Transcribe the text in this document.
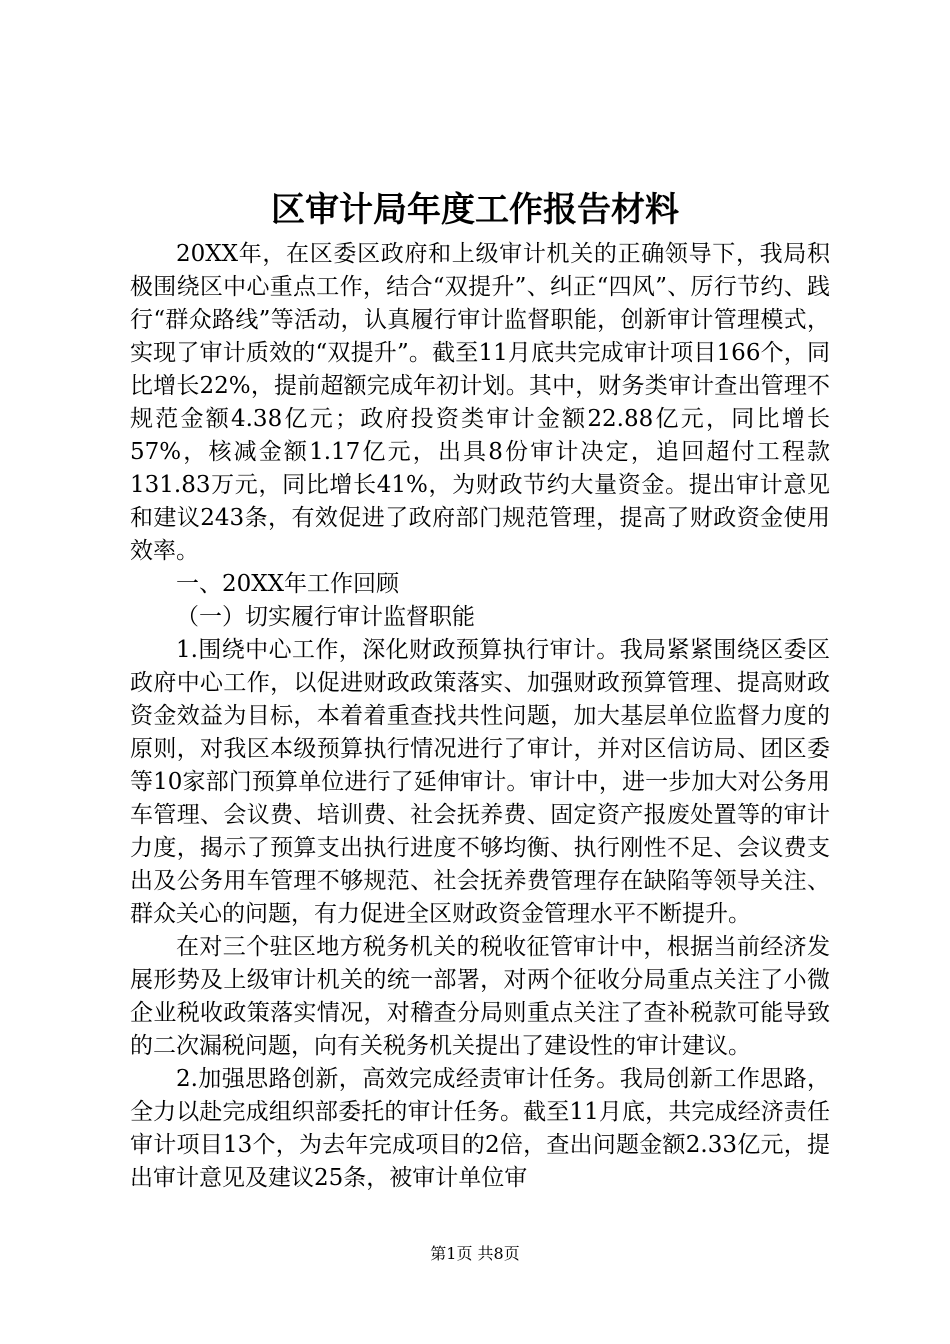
区审计局年度工作报告材料

20XX年，在区委区政府和上级审计机关的正确领导下，我局积极围绕区中心重点工作，结合“双提升”、纠正“四风”、厉行节约、践行“群众路线”等活动，认真履行审计监督职能，创新审计管理模式，实现了审计质效的“双提升”。截至11月底共完成审计项目166个，同比增长22%，提前超额完成年初计划。其中，财务类审计查出管理不规范金额4.38亿元；政府投资类审计金额22.88亿元，同比增长57%，核减金额1.17亿元，出具8份审计决定，追回超付工程款131.83万元，同比增长41%，为财政节约大量资金。提出审计意见和建议243条，有效促进了政府部门规范管理，提高了财政资金使用效率。

一、20XX年工作回顾

（一）切实履行审计监督职能

1.围绕中心工作，深化财政预算执行审计。我局紧紧围绕区委区政府中心工作，以促进财政政策落实、加强财政预算管理、提高财政资金效益为目标，本着着重查找共性问题，加大基层单位监督力度的原则，对我区本级预算执行情况进行了审计，并对区信访局、团区委等10家部门预算单位进行了延伸审计。审计中，进一步加大对公务用车管理、会议费、培训费、社会抚养费、固定资产报废处置等的审计力度，揭示了预算支出执行进度不够均衡、执行刚性不足、会议费支出及公务用车管理不够规范、社会抚养费管理存在缺陷等领导关注、群众关心的问题，有力促进全区财政资金管理水平不断提升。

在对三个驻区地方税务机关的税收征管审计中，根据当前经济发展形势及上级审计机关的统一部署，对两个征收分局重点关注了小微企业税收政策落实情况，对稽查分局则重点关注了查补税款可能导致的二次漏税问题，向有关税务机关提出了建设性的审计建议。

2.加强思路创新，高效完成经责审计任务。我局创新工作思路，全力以赴完成组织部委托的审计任务。截至11月底，共完成经济责任审计项目13个，为去年完成项目的2倍，查出问题金额2.33亿元，提出审计意见及建议25条，被审计单位审

第1页 共8页
